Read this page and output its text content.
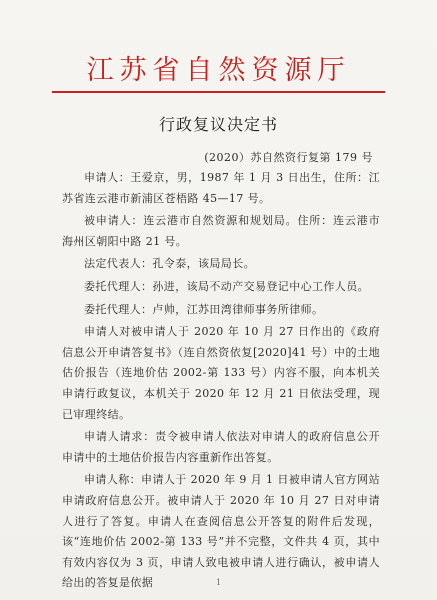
江苏省自然资源厅
行政复议决定书
(2020）苏自然资行复第 179 号

申请人：王爱京，男，1987 年 1 月 3 日出生，住所：江苏省连云港市新浦区苍梧路 45—17 号。

被申请人：连云港市自然资源和规划局。住所：连云港市海州区朝阳中路 21 号。

法定代表人：孔令泰，该局局长。

委托代理人：孙进，该局不动产交易登记中心工作人员。

委托代理人：卢帅，江苏田湾律师事务所律师。

申请人对被申请人于 2020 年 10 月 27 日作出的《政府信息公开申请答复书》（连自然资依复[2020]41 号）中的土地估价报告（连地价估 2002-第 133 号）内容不服，向本机关申请行政复议，本机关于 2020 年 12 月 21 日依法受理，现已审理终结。

申请人请求：责令被申请人依法对申请人的政府信息公开申请中的土地估价报告内容重新作出答复。

申请人称：申请人于 2020 年 9 月 1 日被申请人官方网站申请政府信息公开。被申请人于 2020 年 10 月 27 日对申请人进行了答复。申请人在查阅信息公开答复的附件后发现，该“连地价估 2002-第 133 号”并不完整，文件共 4 页，其中有效内容仅为 3 页，申请人致电被申请人进行确认，被申请人给出的答复是依据	1
